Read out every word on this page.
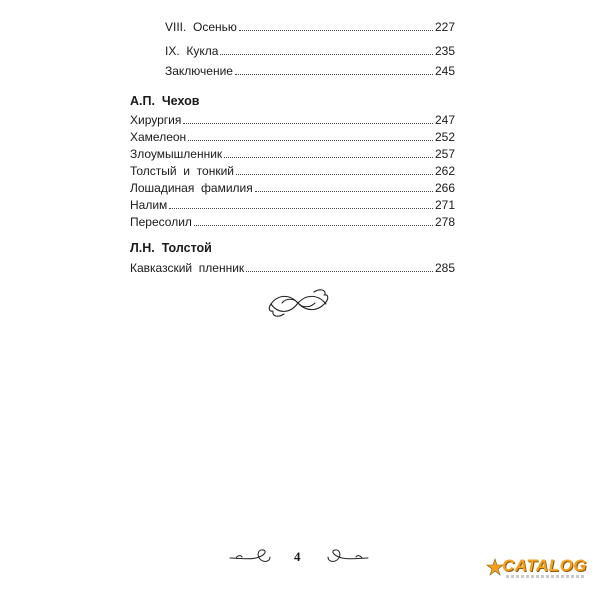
VIII.  Осенью	227
IX.  Кукла	235
Заключение	245
А.П.  Чехов
Хирургия	247
Хамелеон	252
Злоумышленник	257
Толстый  и  тонкий	262
Лошадиная  фамилия	266
Налим	271
Пересолил	278
Л.Н.  Толстой
Кавказский  пленник	285
4	CATALOG
